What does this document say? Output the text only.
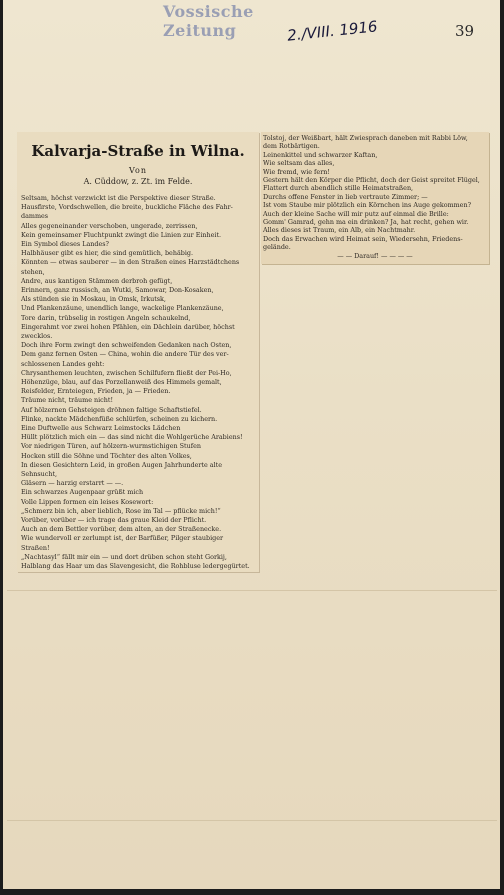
Vossische Zeitung	2./VIII. 1916	39
Kalvarja-Straße in Wilna.
Von
A. Cüddow, z. Zt. im Felde.
Seltsam, höchst verzwickt ist die Perspektive dieser Straße.
Hausfirste, Vordschwellen, die breite, buckliche Fläche des Fahr-
dammes
Alles gegeneinander verschoben, ungerade, zerrissen,
Kein gemeinsamer Fluchtpunkt zwingt die Linien zur Einheit.
Ein Symbol dieses Landes?
Halbhäuser gibt es hier, die sind gemütlich, behäbig.
Könnten — etwas sauberer — in den Straßen eines Harzstädtchens
stehen,
Andre, aus kantigen Stämmen derbroh gefügt,
Erinnern, ganz russisch, an Wutki, Samowar, Don-Kosaken,
Als stünden sie in Moskau, in Omsk, Irkutsk,
Und Plankenzäune, unendlich lange, wackelige Plankenzäune,
Tore darin, trübselig in rostigen Angeln schaukelnd,
Eingerahmt vor zwei hohen Pfählen, ein Dächlein darüber, höchst
zwecklos.
Doch ihre Form zwingt den schweifenden Gedanken nach Osten,
Dem ganz fernen Osten — China, wohin die andere Tür des ver-
schlossenen Landes geht:
Chrysanthemen leuchten, zwischen Schilfufern fließt der Pei-Ho,
Höhenzüge, blau, auf das Porzellanweiß des Himmels gemalt,
Reisfelder, Ernteiegen, Frieden, ja — Frieden.
Träume nicht, träume nicht!
Auf hölzernen Gehsteigen dröhnen faltige Schaftstiefel.
Flinke, nackte Mädchenfüße schlürfen, scheinen zu kichern.
Eine Duftwelle aus Schwarz Leimstocks Lädchen
Hüllt plötzlich mich ein — das sind nicht die Wohlgerüche Arabiens!
Vor niedrigen Türen, auf hölzern-wurmstichigen Stufen
Hocken still die Söhne und Töchter des alten Volkes,
In diesen Gesichtern Leid, in großen Augen Jahrhunderte alte
Sehnsucht,
Gläsern — harzig erstarrt — —.
Ein schwarzes Augenpaar grüßt mich
Volle Lippen formen ein leises Kosewort:
„Schmerz bin ich, aber lieblich, Rose im Tal — pflücke mich!“
Vorüber, vorüber — ich trage das graue Kleid der Pflicht.
Auch an dem Bettler vorüber, dem alten, an der Straßenecke.
Wie wundervoll er zerlumpt ist, der Barfüßer, Pilger staubiger
Straßen!
„Nachtasyl“ fällt mir ein — und dort drüben schon steht Gorkij,
Halblang das Haar um das Slavengesicht, die Rohbluse ledergegürtet.
Tolstoj, der Weißbart, hält Zwiesprach daneben mit Rabbi Löw,
dem Rotbärtigen.
Leinenkittel und schwarzer Kaftan,
Wie seltsam das alles,
Wie fremd, wie fern!
Gestern hält den Körper die Pflicht, doch der Geist spreitet Flügel,
Flattert durch abendlich stille Heimatstraßen,
Durchs offene Fenster in lieb vertraute Zimmer; —
Ist vom Staube mir plötzlich ein Körnchen ins Auge gekommen?
Auch der kleine Sache will mir putz auf einmal die Brille:
Gomm' Gamrad, gehn ma ein drinken? Ja, hat recht, gehen wir.
Alles dieses ist Traum, ein Alb, ein Nachtmahr.
Doch das Erwachen wird Heimat sein, Wiedersehn, Friedens-
gelände.
— — Darauf! — — — —
